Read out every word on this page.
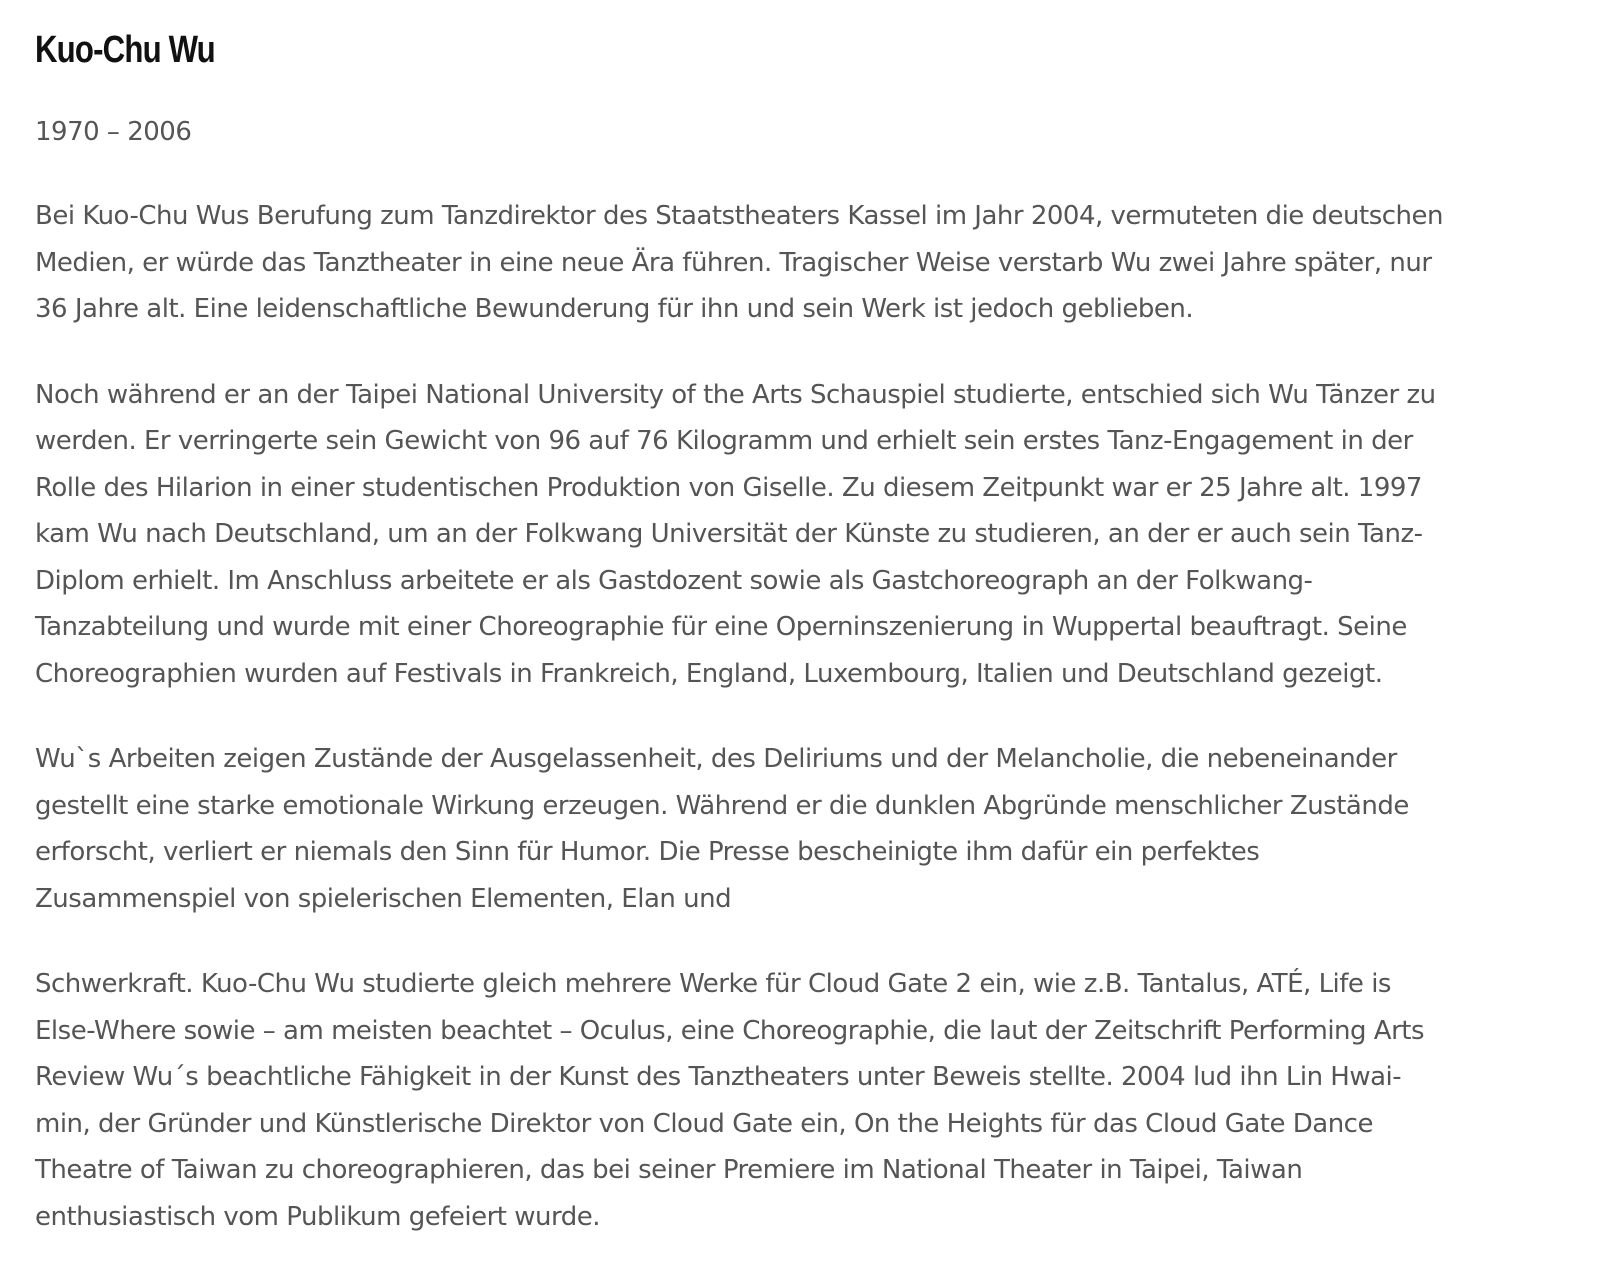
Kuo-Chu Wu

1970 – 2006

Bei Kuo-Chu Wus Berufung zum Tanzdirektor des Staatstheaters Kassel im Jahr 2004, vermuteten die deutschen
Medien, er würde das Tanztheater in eine neue Ära führen. Tragischer Weise verstarb Wu zwei Jahre später, nur
36 Jahre alt. Eine leidenschaftliche Bewunderung für ihn und sein Werk ist jedoch geblieben.

Noch während er an der Taipei National University of the Arts Schauspiel studierte, entschied sich Wu Tänzer zu
werden. Er verringerte sein Gewicht von 96 auf 76 Kilogramm und erhielt sein erstes Tanz-Engagement in der
Rolle des Hilarion in einer studentischen Produktion von Giselle. Zu diesem Zeitpunkt war er 25 Jahre alt. 1997
kam Wu nach Deutschland, um an der Folkwang Universität der Künste zu studieren, an der er auch sein Tanz-
Diplom erhielt. Im Anschluss arbeitete er als Gastdozent sowie als Gastchoreograph an der Folkwang-
Tanzabteilung und wurde mit einer Choreographie für eine Operninszenierung in Wuppertal beauftragt. Seine
Choreographien wurden auf Festivals in Frankreich, England, Luxembourg, Italien und Deutschland gezeigt.

Wu`s Arbeiten zeigen Zustände der Ausgelassenheit, des Deliriums und der Melancholie, die nebeneinander
gestellt eine starke emotionale Wirkung erzeugen. Während er die dunklen Abgründe menschlicher Zustände
erforscht, verliert er niemals den Sinn für Humor. Die Presse bescheinigte ihm dafür ein perfektes
Zusammenspiel von spielerischen Elementen, Elan und

Schwerkraft. Kuo-Chu Wu studierte gleich mehrere Werke für Cloud Gate 2 ein, wie z.B. Tantalus, ATÉ, Life is
Else-Where sowie – am meisten beachtet – Oculus, eine Choreographie, die laut der Zeitschrift Performing Arts
Review Wu´s beachtliche Fähigkeit in der Kunst des Tanztheaters unter Beweis stellte. 2004 lud ihn Lin Hwai-
min, der Gründer und Künstlerische Direktor von Cloud Gate ein, On the Heights für das Cloud Gate Dance
Theatre of Taiwan zu choreographieren, das bei seiner Premiere im National Theater in Taipei, Taiwan
enthusiastisch vom Publikum gefeiert wurde.
